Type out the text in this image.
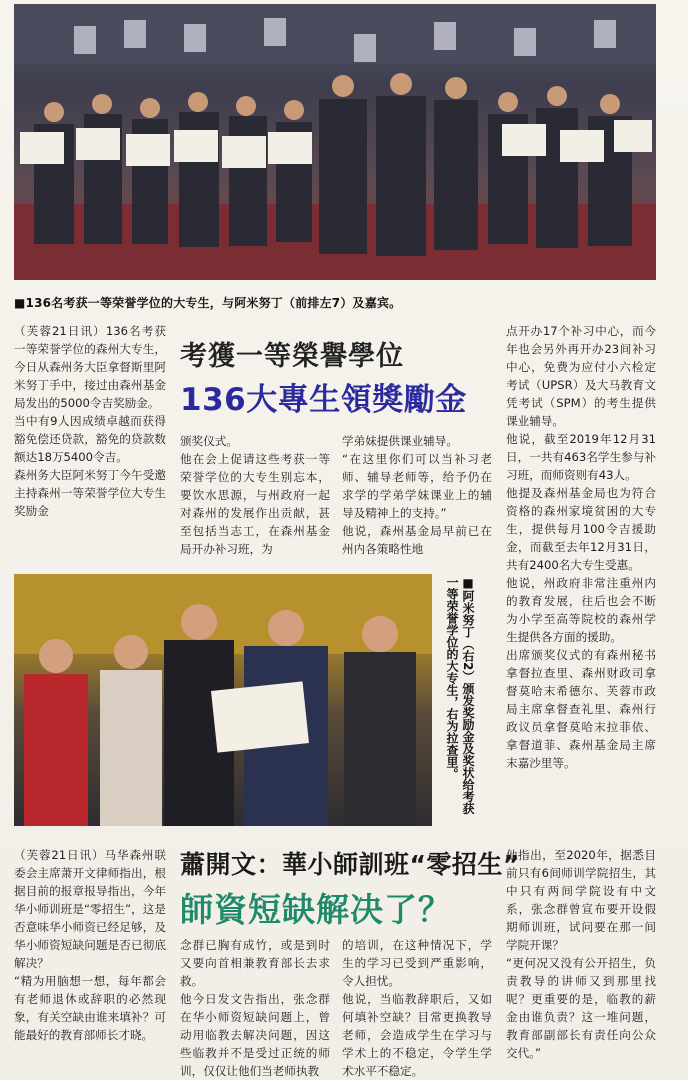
■136名考获一等荣誉学位的大专生，与阿米努丁（前排左7）及嘉宾。
考獲一等榮譽學位
136大專生領獎勵金

（芙蓉21日讯）136名考获一等荣誉学位的森州大专生，今日从森州务大臣拿督斯里阿米努丁手中，接过由森州基金局发出的5000令吉奖励金。

当中有9人因成绩卓越而获得豁免偿还贷款，豁免的贷款数额达18万5400令吉。

森州务大臣阿米努丁今午受邀主持森州一等荣誉学位大专生奖励金

颁奖仪式。

他在会上促请这些考获一等荣誉学位的大专生别忘本，要饮水思源，与州政府一起对森州的发展作出贡献，甚至包括当志工，在森州基金局开办补习班，为

学弟妹提供课业辅导。

“在这里你们可以当补习老师、辅导老师等，给予仍在求学的学弟学妹课业上的辅导及精神上的支持。”

他说，森州基金局早前已在州内各策略性地

点开办17个补习中心，而今年也会另外再开办23间补习中心，免费为应付小六检定考试（UPSR）及大马教育文凭考试（SPM）的考生提供课业辅导。

他说，截至2019年12月31日，一共有463名学生参与补习班，而师资则有43人。

他提及森州基金局也为符合资格的森州家境贫困的大专生，提供每月100令吉援助金，而截至去年12月31日，共有2400名大专生受惠。

他说，州政府非常注重州内的教育发展，往后也会不断为小学至高等院校的森州学生提供各方面的援助。

出席颁奖仪式的有森州秘书拿督拉查里、森州财政司拿督莫哈末希德尔、芙蓉市政局主席拿督查礼里、森州行政议员拿督莫哈末拉菲依、拿督道菲、森州基金局主席末嘉沙里等。

■阿米努丁（右2）颁发奖励金及奖状给考获一等荣誉学位的大专生，右为拉查里。
蕭開文：華小師訓班“零招生”
師資短缺解决了？

（芙蓉21日讯）马华森州联委会主席萧开文律师指出，根据目前的报章报导指出，今年华小师训班是“零招生”，这是否意味华小师资已经足够，及华小师资短缺问题是否已彻底解决？

“精为用脑想一想，每年都会有老师退休或辞职的必然现象，有关空缺由谁来填补？可能最好的教育部师长才晓。

念群已胸有成竹，或是到时又要向首相兼教育部长去求救。

他今日发文告指出，张念群在华小师资短缺问题上，曾动用临教去解决问题，因这些临教并不是受过正统的师训，仅仅让他们当老师执教

的培训，在这种情况下，学生的学习已受到严重影响，令人担忧。

他说，当临教辞职后，又如何填补空缺？目常更换教导老师，会造成学生在学习与学术上的不稳定，令学生学术水平不稳定。

他指出，至2020年，据悉目前只有6间师训学院招生，其中只有两间学院设有中文系，张念群曾宣布要开设假期师训班，试问要在那一间学院开课？

“更何况又没有公开招生，负责教导的讲师又到那里找呢？更重要的是，临教的薪金由谁负责？这一堆问题，教育部副部长有责任向公众交代。”
